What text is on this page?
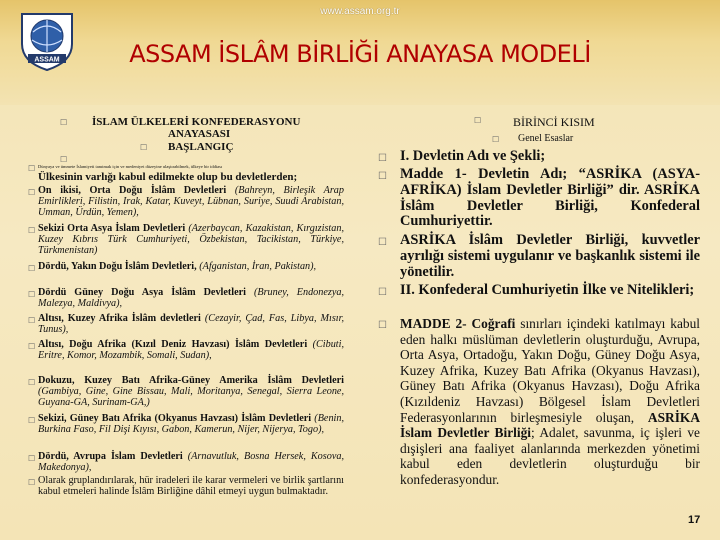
www.assam.org.tr
ASSAM	ASSAM İSLÂM BİRLİĞİ ANAYASA MODELİ
☐ İSLAM ÜLKELERİ KONFEDERASYONU
ANAYASASI
☐ BAŞLANGIÇ
☐
☐ Dünyaya ve ümmete İslamiyeti tanıtmak için ve medeniyet düzeyine ulaştırabilmek, ülkeye bir iddiası
Ülkesinin varlığı kabul edilmekte olup bu devletlerden;
☐ On ikisi, Orta Doğu İslâm Devletleri (Bahreyn, Birleşik Arap Emirlikleri, Filistin, Irak, Katar, Kuveyt, Lübnan, Suriye, Suudi Arabistan, Umman, Ürdün, Yemen),
☐ Sekizi Orta Asya İslam Devletleri (Azerbaycan, Kazakistan, Kırgızistan, Kuzey Kıbrıs Türk Cumhuriyeti, Özbekistan, Tacikistan, Türkiye, Türkmenistan)
☐ Dördü, Yakın Doğu İslâm Devletleri, (Afganistan, İran, Pakistan),
☐ Dördü Güney Doğu Asya İslâm Devletleri (Bruney, Endonezya, Malezya, Maldivya),
☐ Altısı, Kuzey Afrika İslâm devletleri (Cezayir, Çad, Fas, Libya, Mısır, Tunus),
☐ Altısı, Doğu Afrika (Kızıl Deniz Havzası) İslâm Devletleri (Cibuti, Eritre, Komor, Mozambik, Somali, Sudan),
☐ Dokuzu, Kuzey Batı Afrika-Güney Amerika İslâm Devletleri (Gambiya, Gine, Gine Bissau, Mali, Moritanya, Senegal, Sierra Leone, Guyana-GA, Surinam-GA,)
☐ Sekizi, Güney Batı Afrika (Okyanus Havzası) İslâm Devletleri (Benin, Burkina Faso, Fil Dişi Kıyısı, Gabon, Kamerun, Nijer, Nijerya, Togo),
☐ Dördü, Avrupa İslam Devletleri (Arnavutluk, Bosna Hersek, Kosova, Makedonya),
☐ Olarak gruplandırılarak, hür iradeleri ile karar vermeleri ve birlik şartlarını kabul etmeleri halinde İslâm Birliğine dâhil etmeyi uygun bulmaktadır.
☐	BİRİNCİ KISIM
☐ Genel Esaslar
☐ I. Devletin Adı ve Şekli;
☐ Madde 1- Devletin Adı; “ASRİKA (ASYA-AFRİKA) İslam Devletler Birliği” dir. ASRİKA İslâm Devletler Birliği, Konfederal Cumhuriyettir.
☐ ASRİKA İslâm Devletler Birliği, kuvvetler ayrılığı sistemi uygulanır ve başkanlık sistemi ile yönetilir.
☐ II. Konfederal Cumhuriyetin İlke ve Nitelikleri;
☐ MADDE 2- Coğrafi sınırları içindeki katılmayı kabul eden halkı müslüman devletlerin oluşturduğu, Avrupa, Orta Asya, Ortadoğu, Yakın Doğu, Güney Doğu Asya, Kuzey Afrika, Kuzey Batı Afrika (Okyanus Havzası), Güney Batı Afrika (Okyanus Havzası), Doğu Afrika (Kızıldeniz Havzası) Bölgesel İslam Devletleri Federasyonlarının birleşmesiyle oluşan, ASRİKA İslam Devletler Birliği; Adalet, savunma, iç işleri ve dışişleri ana faaliyet alanlarında merkezden yönetimi kabul eden devletlerin oluşturduğu bir konfederasyondur.
17
